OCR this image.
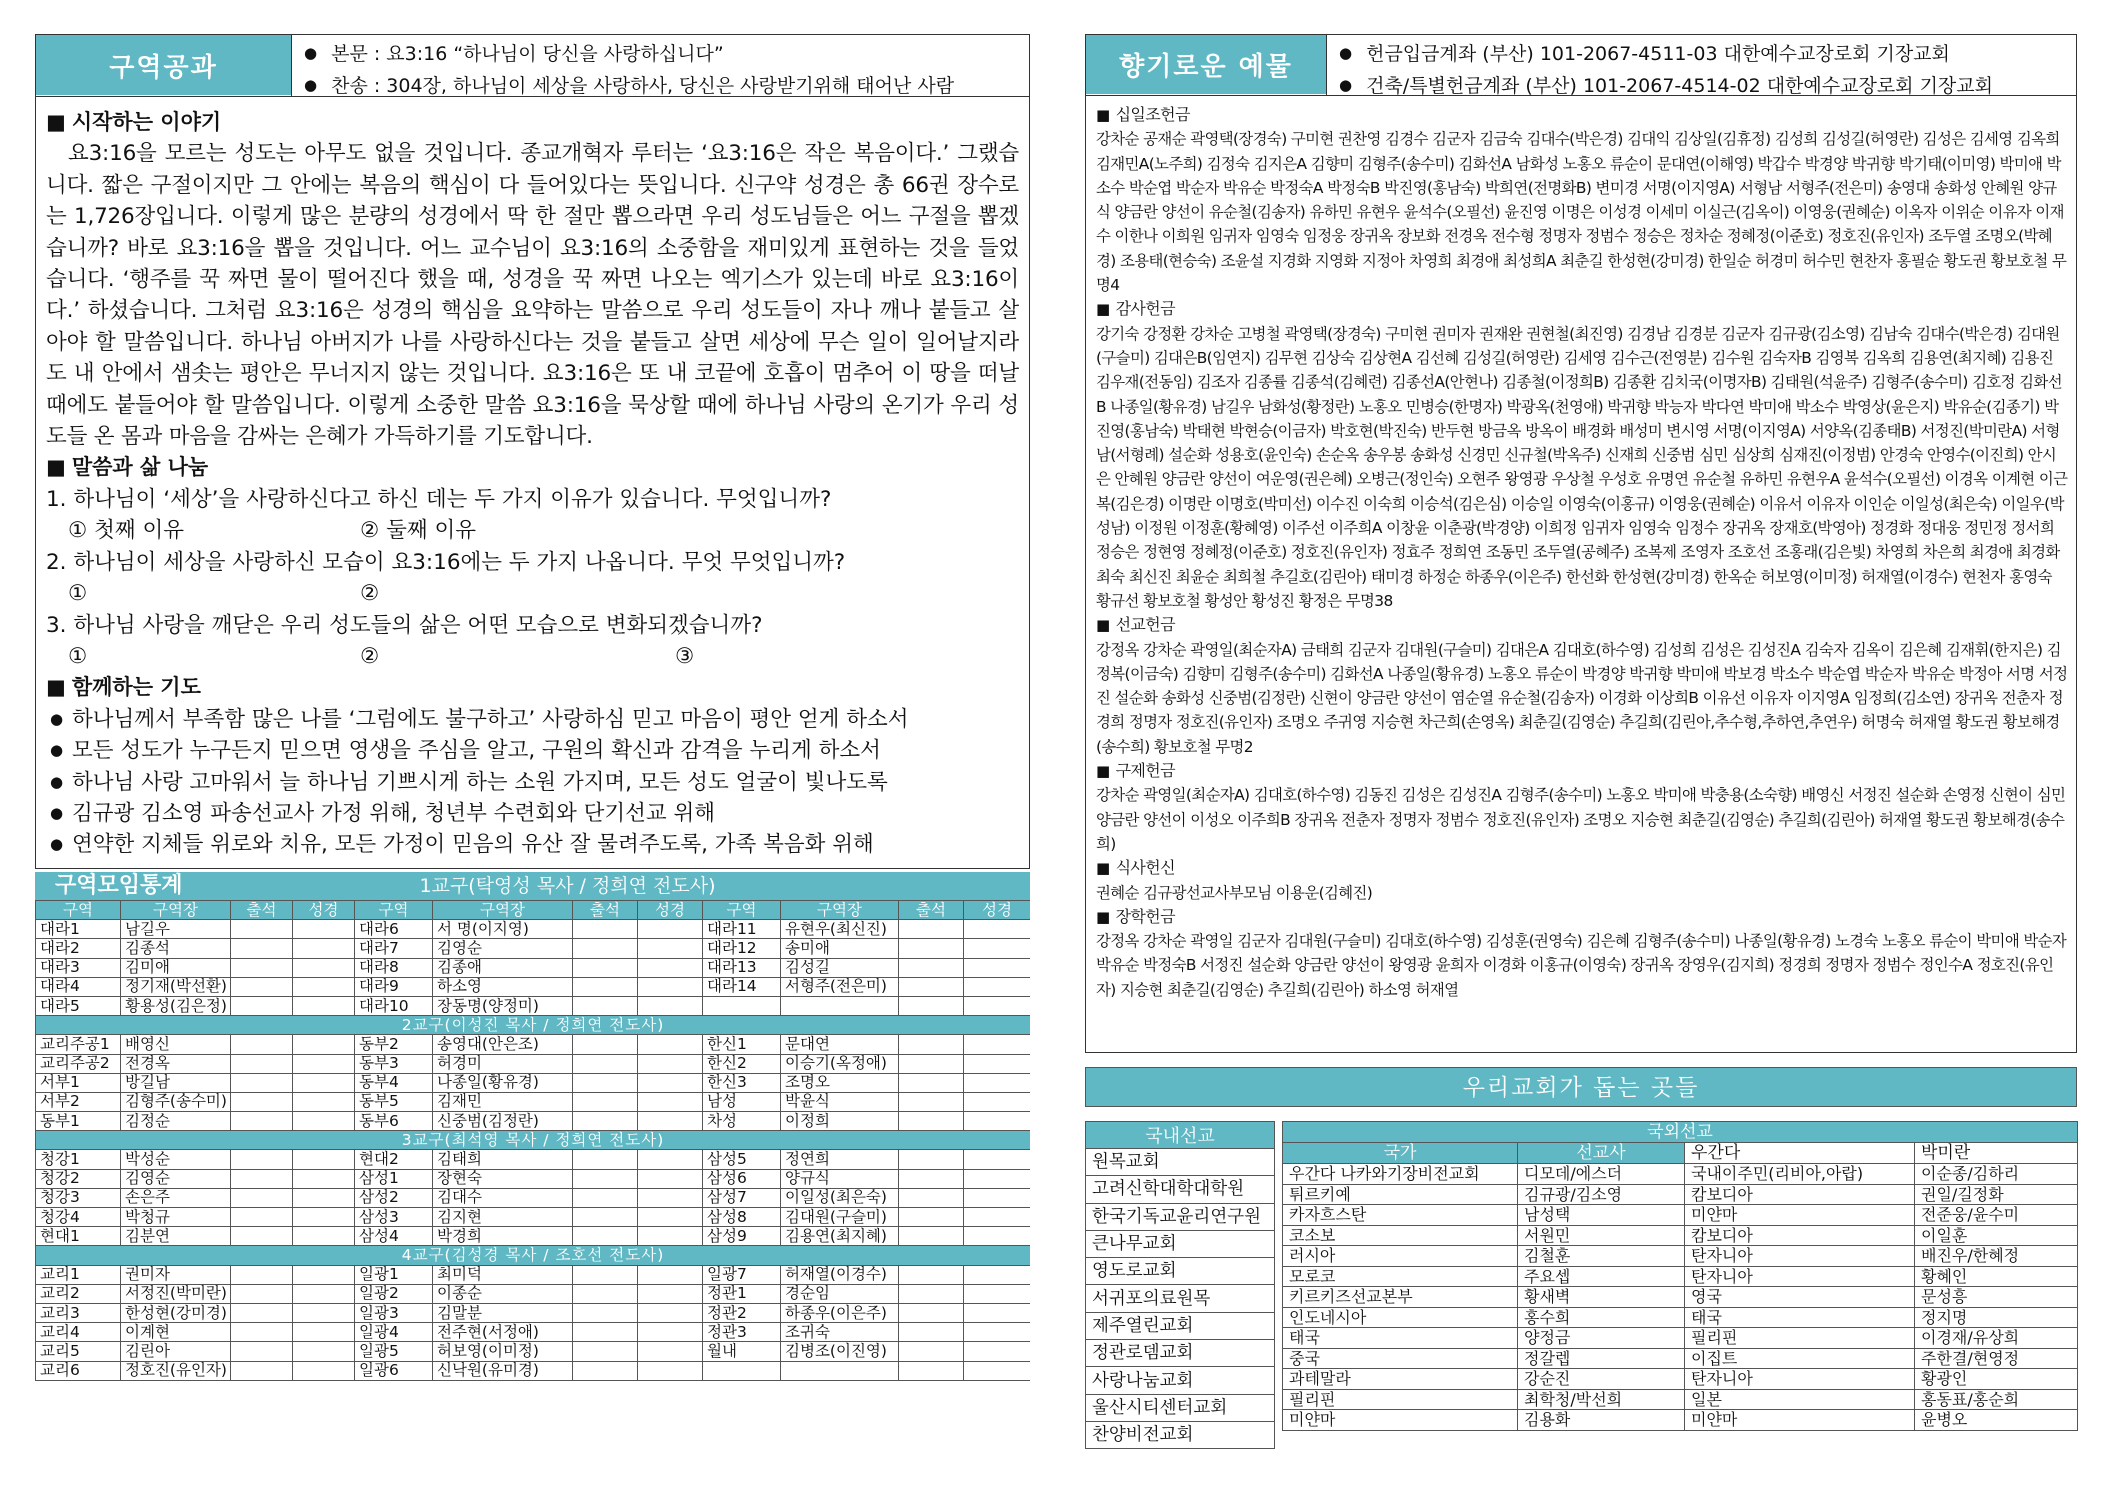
구역공과	● 본문 : 요3:16 “하나님이 당신을 사랑하십니다”
● 찬송 : 304장, 하나님이 세상을 사랑하사, 당신은 사랑받기위해 태어난 사람
■ 시작하는 이야기
요3:16을 모르는 성도는 아무도 없을 것입니다. 종교개혁자 루터는 ‘요3:16은 작은 복음이다.’ 그랬습니다. 짧은 구절이지만 그 안에는 복음의 핵심이 다 들어있다는 뜻입니다. 신구약 성경은 총 66권 장수로는 1,726장입니다. 이렇게 많은 분량의 성경에서 딱 한 절만 뽑으라면 우리 성도님들은 어느 구절을 뽑겠습니까? 바로 요3:16을 뽑을 것입니다. 어느 교수님이 요3:16의 소중함을 재미있게 표현하는 것을 들었습니다. ‘행주를 꾹 짜면 물이 떨어진다 했을 때, 성경을 꾹 짜면 나오는 엑기스가 있는데 바로 요3:16이다.’ 하셨습니다. 그처럼 요3:16은 성경의 핵심을 요약하는 말씀으로 우리 성도들이 자나 깨나 붙들고 살아야 할 말씀입니다. 하나님 아버지가 나를 사랑하신다는 것을 붙들고 살면 세상에 무슨 일이 일어날지라도 내 안에서 샘솟는 평안은 무너지지 않는 것입니다. 요3:16은 또 내 코끝에 호흡이 멈추어 이 땅을 떠날 때에도 붙들어야 할 말씀입니다. 이렇게 소중한 말씀 요3:16을 묵상할 때에 하나님 사랑의 온기가 우리 성도들 온 몸과 마음을 감싸는 은혜가 가득하기를 기도합니다.
■ 말씀과 삶 나눔
1. 하나님이 ‘세상’을 사랑하신다고 하신 데는 두 가지 이유가 있습니다. 무엇입니까?
① 첫째 이유	② 둘째 이유
2. 하나님이 세상을 사랑하신 모습이 요3:16에는 두 가지 나옵니다. 무엇 무엇입니까?
①	②
3. 하나님 사랑을 깨닫은 우리 성도들의 삶은 어떤 모습으로 변화되겠습니까?
①	②	③
■ 함께하는 기도
● 하나님께서 부족함 많은 나를 ‘그럼에도 불구하고’ 사랑하심 믿고 마음이 평안 얻게 하소서
● 모든 성도가 누구든지 믿으면 영생을 주심을 알고, 구원의 확신과 감격을 누리게 하소서
● 하나님 사랑 고마워서 늘 하나님 기쁘시게 하는 소원 가지며, 모든 성도 얼굴이 빛나도록
● 김규광 김소영 파송선교사 가정 위해, 청년부 수련회와 단기선교 위해
● 연약한 지체들 위로와 치유, 모든 가정이 믿음의 유산 잘 물려주도록, 가족 복음화 위해
구역모임통계	1교구(탁영성 목사 / 정희연 전도사)
구역	구역장	출석	성경	구역	구역장	출석	성경	구역	구역장	출석	성경
대라1	남길우			대라6	서 명(이지영)			대라11	유현우(최신진)		
대라2	김종석			대라7	김영순			대라12	송미애		
대라3	김미애			대라8	김종애			대라13	김성길		
대라4	정기재(박선환)			대라9	하소영			대라14	서형주(전은미)		
대라5	황용성(김은정)			대라10	장동명(양정미)						
2교구(이성진 목사 / 정희연 전도사)											
교리주공1	배영신			동부2	송영대(안은조)			한신1	문대연		
교리주공2	전경옥			동부3	허경미			한신2	이승기(옥정애)		
서부1	방길남			동부4	나종일(황유경)			한신3	조명오		
서부2	김형주(송수미)			동부5	김재민			남성	박윤식		
동부1	김정순			동부6	신중범(김정란)			차성	이정희		
3교구(최석영 목사 / 정희연 전도사)											
청강1	박성순			현대2	김태희			삼성5	정연희		
청강2	김영순			삼성1	장현숙			삼성6	양규식		
청강3	손은주			삼성2	김대수			삼성7	이일성(최은숙)		
청강4	박청규			삼성3	김지현			삼성8	김대원(구슬미)		
현대1	김분연			삼성4	박경희			삼성9	김용연(최지혜)		
4교구(김성경 목사 / 조호선 전도사)											
교리1	권미자			일광1	최미덕			일광7	허재열(이경수)		
교리2	서정진(박미란)			일광2	이종순			정관1	경순임		
교리3	한성현(강미경)			일광3	김말분			정관2	하종우(이은주)		
교리4	이계현			일광4	전주현(서정애)			정관3	조귀숙		
교리5	김린아			일광5	허보영(이미정)			월내	김병조(이진영)		
교리6	정호진(유인자)			일광6	신낙원(유미경)						
향기로운 예물	● 헌금입금계좌 (부산) 101-2067-4511-03 대한예수교장로회 기장교회
● 건축/특별헌금계좌 (부산) 101-2067-4514-02 대한예수교장로회 기장교회
■ 십일조헌금
강차순 공재순 곽영택(장경숙) 구미현 권찬영 김경수 김군자 김금숙 김대수(박은경) 김대익 김상일(김휴정) 김성희 김성길(허영란) 김성은 김세영 김옥희 김재민A(노주희) 김정숙 김지은A 김향미 김형주(송수미) 김화선A 남화성 노홍오 류순이 문대연(이해영) 박갑수 박경양 박귀향 박기태(이미영) 박미애 박소수 박순엽 박순자 박유순 박정숙A 박정숙B 박진영(홍남숙) 박희연(전명화B) 변미경 서명(이지영A) 서형남 서형주(전은미) 송영대 송화성 안혜원 양규식 양금란 양선이 유순철(김송자) 유하민 유현우 윤석수(오필선) 윤진영 이명은 이성경 이세미 이실근(김옥이) 이영웅(권혜순) 이옥자 이위순 이유자 이재수 이한나 이희원 임귀자 임영숙 임정웅 장귀옥 장보화 전경옥 전수형 정명자 정범수 정승은 정차순 정혜정(이준호) 정호진(유인자) 조두열 조명오(박혜경) 조용태(현승숙) 조윤설 지경화 지영화 지정아 차영희 최경애 최성희A 최춘길 한성현(강미경) 한일순 허경미 허수민 현찬자 홍필순 황도권 황보호철 무명4
■ 감사헌금
강기숙 강정환 강차순 고병철 곽영택(장경숙) 구미현 권미자 권재완 권현철(최진영) 김경남 김경분 김군자 김규광(김소영) 김남숙 김대수(박은경) 김대원(구슬미) 김대은B(임연지) 김무현 김상숙 김상현A 김선혜 김성길(허영란) 김세영 김수근(전영분) 김수원 김숙자B 김영복 김옥희 김용연(최지혜) 김용진 김우재(전동임) 김조자 김종률 김종석(김혜련) 김종선A(안현나) 김종철(이정희B) 김종환 김치국(이명자B) 김태원(석윤주) 김형주(송수미) 김호정 김화선B 나종일(황유경) 남길우 남화성(황정란) 노홍오 민병승(한명자) 박광옥(천영애) 박귀향 박능자 박다연 박미애 박소수 박영상(윤은지) 박유순(김종기) 박진영(홍남숙) 박태현 박현승(이금자) 박호현(박진숙) 반두현 방금옥 방옥이 배경화 배성미 변시영 서명(이지영A) 서양옥(김종태B) 서정진(박미란A) 서형남(서형례) 설순화 성용호(윤인숙) 손순옥 송우봉 송화성 신경민 신규철(박옥주) 신재희 신중범 심민 심상희 심재진(이정범) 안경숙 안영수(이진희) 안시은 안혜원 양금란 양선이 여운영(권은혜) 오병근(정인숙) 오현주 왕영광 우상철 우성호 유명연 유순철 유하민 유현우A 윤석수(오필선) 이경옥 이계현 이근복(김은경) 이명란 이명호(박미선) 이수진 이숙희 이승석(김은심) 이승일 이영숙(이홍규) 이영웅(권혜순) 이유서 이유자 이인순 이일성(최은숙) 이일우(박성남) 이정원 이정훈(황혜영) 이주선 이주희A 이창윤 이춘광(박경양) 이희정 임귀자 임영숙 임정수 장귀옥 장재호(박영아) 정경화 정대웅 정민정 정서희 정승은 정현영 정혜정(이준호) 정호진(유인자) 정효주 정희연 조동민 조두열(공혜주) 조복제 조영자 조호선 조홍래(김은빛) 차영희 차은희 최경애 최경화 최숙 최신진 최윤순 최희철 추길호(김린아) 태미경 하정순 하종우(이은주) 한선화 한성현(강미경) 한옥순 허보영(이미정) 허재열(이경수) 현천자 홍영숙 황규선 황보호철 황성안 황성진 황정은 무명38
■ 선교헌금
강정옥 강차순 곽영일(최순자A) 금태희 김군자 김대원(구슬미) 김대은A 김대호(하수영) 김성희 김성은 김성진A 김숙자 김옥이 김은혜 김재휘(한지은) 김정복(이금숙) 김향미 김형주(송수미) 김화선A 나종일(황유경) 노홍오 류순이 박경양 박귀향 박미애 박보경 박소수 박순엽 박순자 박유순 박정아 서명 서정진 설순화 송화성 신중범(김정란) 신현이 양금란 양선이 염순열 유순철(김송자) 이경화 이상희B 이유선 이유자 이지영A 임정희(김소연) 장귀옥 전춘자 정경희 정명자 정호진(유인자) 조명오 주귀영 지승현 차근희(손영옥) 최춘길(김영순) 추길희(김린아,추수형,추하연,추연우) 허명숙 허재열 황도권 황보해경(송수희) 황보호철 무명2
■ 구제헌금
강차순 곽영일(최순자A) 김대호(하수영) 김동진 김성은 김성진A 김형주(송수미) 노홍오 박미애 박충용(소숙향) 배영신 서정진 설순화 손영정 신현이 심민 양금란 양선이 이성오 이주희B 장귀옥 전춘자 정명자 정범수 정호진(유인자) 조명오 지승현 최춘길(김영순) 추길희(김린아) 허재열 황도권 황보해경(송수희)
■ 식사헌신
권혜순 김규광선교사부모님 이용운(김혜진)
■ 장학헌금
강정옥 강차순 곽영일 김군자 김대원(구슬미) 김대호(하수영) 김성훈(권영숙) 김은혜 김형주(송수미) 나종일(황유경) 노경숙 노홍오 류순이 박미애 박순자 박유순 박정숙B 서정진 설순화 양금란 양선이 왕영광 윤희자 이경화 이홍규(이영숙) 장귀옥 장영우(김지희) 정경희 정명자 정범수 정인수A 정호진(유인자) 지승현 최춘길(김영순) 추길희(김린아) 하소영 허재열
우리교회가 돕는 곳들
국내선교
원목교회
고려신학대학대학원
한국기독교윤리연구원
큰나무교회
영도로교회
서귀포의료원목
제주열린교회
정관로뎀교회
사랑나눔교회
울산시티센터교회
찬양비전교회
국외선교			
국가	선교사	우간다	박미란
우간다 나카와기장비전교회	디모데/에스더	국내이주민(리비아,아랍)	이순종/김하리
튀르키예	김규광/김소영	캄보디아	권일/길정화
카자흐스탄	남성택	미얀마	전준웅/윤수미
코소보	서원민	캄보디아	이일훈
러시아	김철훈	탄자니아	배진우/한혜정
모로코	주요셉	탄자니아	황혜인
키르키즈선교본부	황새벽	영국	문성흥
인도네시아	홍수희	태국	정지명
태국	양정금	필리핀	이경재/유상희
중국	정갈렙	이집트	주한결/현영정
과테말라	강순진	탄자니아	황광인
필리핀	최학청/박선희	일본	홍동표/홍순희
미얀마	김용화	미얀마	윤병오
